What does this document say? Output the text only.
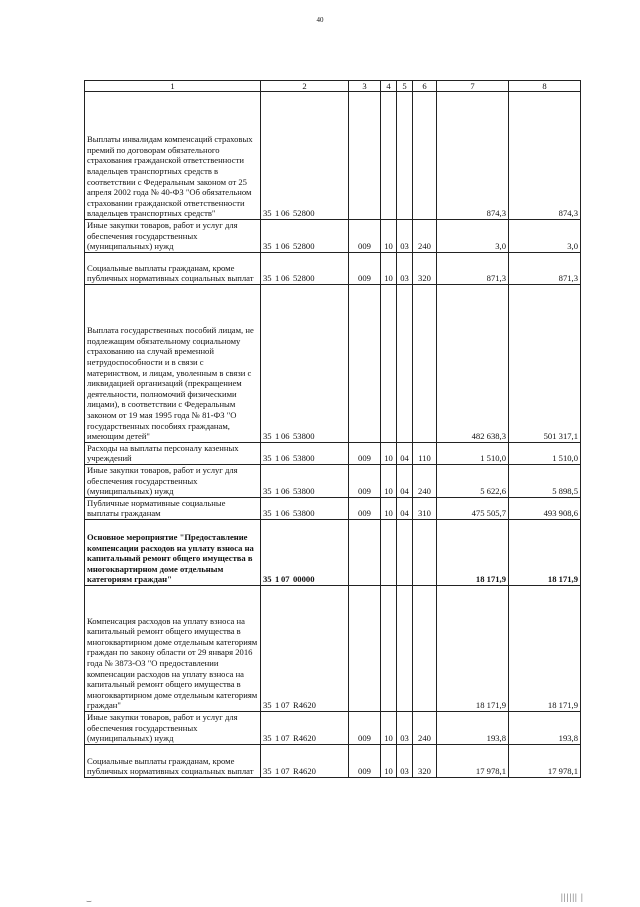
40
1	2	3	4	5	6	7	8
Выплаты инвалидам компенсаций страховых премий по договорам обязательного страхования гражданской ответственности владельцев транспортных средств в соответствии с Федеральным законом от 25 апреля 2002 года № 40-ФЗ "Об обязательном страховании гражданской ответственности владельцев транспортных средств"	35 1 06 52800					874,3	874,3
Иные закупки товаров, работ и услуг для обеспечения государственных (муниципальных) нужд	35 1 06 52800	009	10	03	240	3,0	3,0
Социальные выплаты гражданам, кроме публичных нормативных социальных выплат	35 1 06 52800	009	10	03	320	871,3	871,3
Выплата государственных пособий лицам, не подлежащим обязательному социальному страхованию на случай временной нетрудоспособности и в связи с материнством, и лицам, уволенным в связи с ликвидацией организаций (прекращением деятельности, полномочий физическими лицами), в соответствии с Федеральным законом от 19 мая 1995 года № 81-ФЗ "О государственных пособиях гражданам, имеющим детей"	35 1 06 53800					482 638,3	501 317,1
Расходы на выплаты персоналу казенных учреждений	35 1 06 53800	009	10	04	110	1 510,0	1 510,0
Иные закупки товаров, работ и услуг для обеспечения государственных (муниципальных) нужд	35 1 06 53800	009	10	04	240	5 622,6	5 898,5
Публичные нормативные социальные выплаты гражданам	35 1 06 53800	009	10	04	310	475 505,7	493 908,6
Основное мероприятие "Предоставление компенсации расходов на уплату взноса на капитальный ремонт общего имущества в многоквартирном доме отдельным категориям граждан"	35 1 07 00000					18 171,9	18 171,9
Компенсация расходов на уплату взноса на капитальный ремонт общего имущества в многоквартирном доме отдельным категориям граждан по закону области от 29 января 2016 года № 3873-ОЗ "О предоставлении компенсации расходов на уплату взноса на капитальный ремонт общего имущества в многоквартирном доме отдельным категориям граждан"	35 1 07 R4620					18 171,9	18 171,9
Иные закупки товаров, работ и услуг для обеспечения государственных (муниципальных) нужд	35 1 07 R4620	009	10	03	240	193,8	193,8
Социальные выплаты гражданам, кроме публичных нормативных социальных выплат	35 1 07 R4620	009	10	03	320	17 978,1	17 978,1
⌣	|||||| |
